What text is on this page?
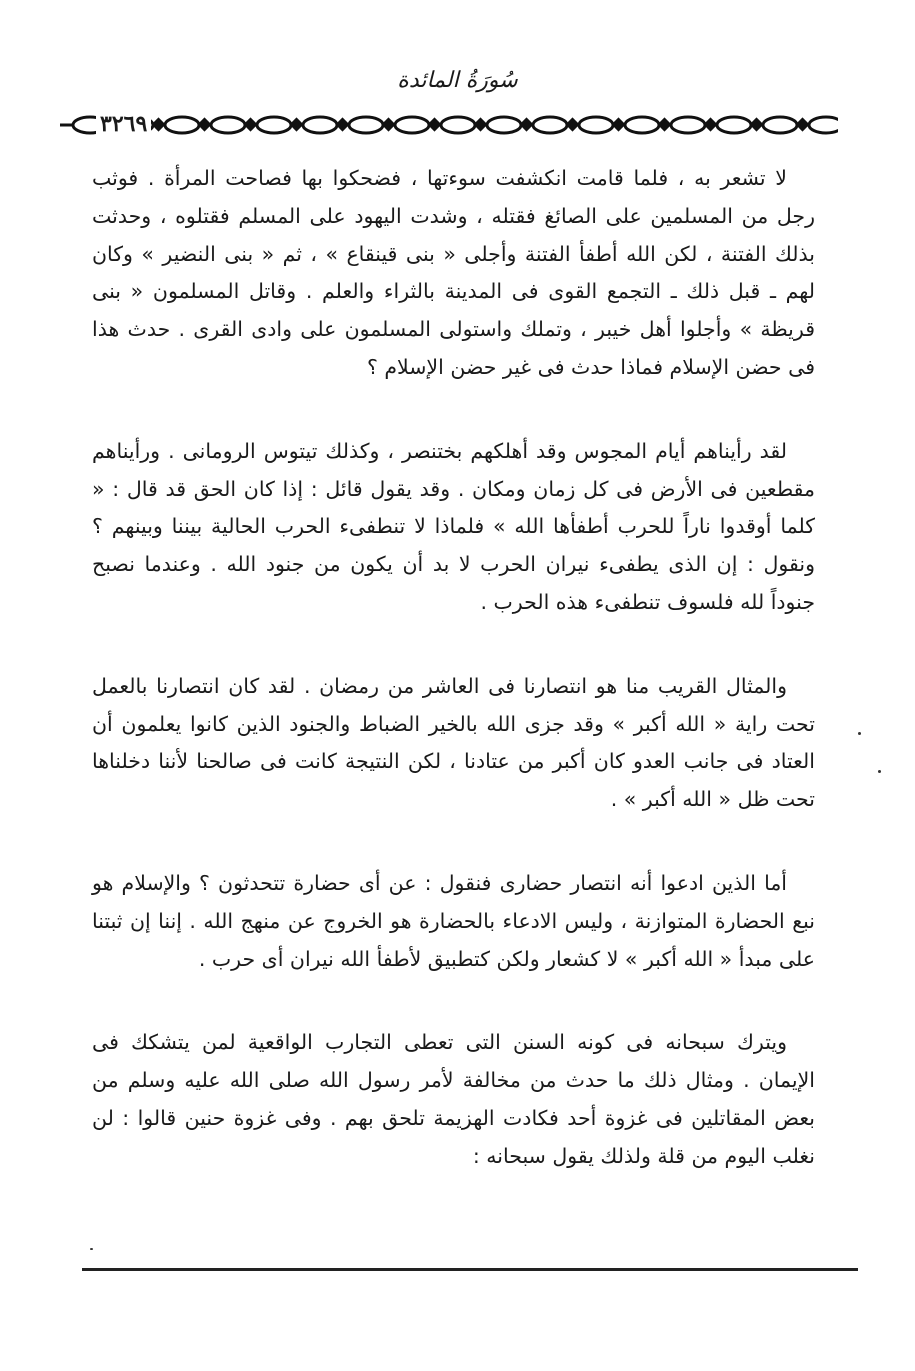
سُورَةُ المائدة
٣٢٦٩

لا تشعر به ، فلما قامت انكشفت سوءتها ، فضحكوا بها فصاحت المرأة . فوثب رجل من المسلمين على الصائغ فقتله ، وشدت اليهود على المسلم فقتلوه ، وحدثت بذلك الفتنة ، لكن الله أطفأ الفتنة وأجلى « بنى قينقاع » ، ثم « بنى النضير » وكان لهم ـ قبل ذلك ـ التجمع القوى فى المدينة بالثراء والعلم . وقاتل المسلمون « بنى قريظة » وأجلوا أهل خيبر ، وتملك واستولى المسلمون على وادى القرى . حدث هذا فى حضن الإسلام فماذا حدث فى غير حضن الإسلام ؟

لقد رأيناهم أيام المجوس وقد أهلكهم بختنصر ، وكذلك تيتوس الرومانى . ورأيناهم مقطعين فى الأرض فى كل زمان ومكان . وقد يقول قائل : إذا كان الحق قد قال : « كلما أوقدوا ناراً للحرب أطفأها الله » فلماذا لا تنطفىء الحرب الحالية بيننا وبينهم ؟ ونقول : إن الذى يطفىء نيران الحرب لا بد أن يكون من جنود الله . وعندما نصبح جنوداً لله فلسوف تنطفىء هذه الحرب .

والمثال القريب منا هو انتصارنا فى العاشر من رمضان . لقد كان انتصارنا بالعمل تحت راية « الله أكبر » وقد جزى الله بالخير الضباط والجنود الذين كانوا يعلمون أن العتاد فى جانب العدو كان أكبر من عتادنا ، لكن النتيجة كانت فى صالحنا لأننا دخلناها تحت ظل « الله أكبر » .

أما الذين ادعوا أنه انتصار حضارى فنقول : عن أى حضارة تتحدثون ؟ والإسلام هو نبع الحضارة المتوازنة ، وليس الادعاء بالحضارة هو الخروج عن منهج الله . إننا إن ثبتنا على مبدأ « الله أكبر » لا كشعار ولكن كتطبيق لأطفأ الله نيران أى حرب .

ويترك سبحانه فى كونه السنن التى تعطى التجارب الواقعية لمن يتشكك فى الإيمان . ومثال ذلك ما حدث من مخالفة لأمر رسول الله صلى الله عليه وسلم من بعض المقاتلين فى غزوة أحد فكادت الهزيمة تلحق بهم . وفى غزوة حنين قالوا : لن نغلب اليوم من قلة ولذلك يقول سبحانه :
